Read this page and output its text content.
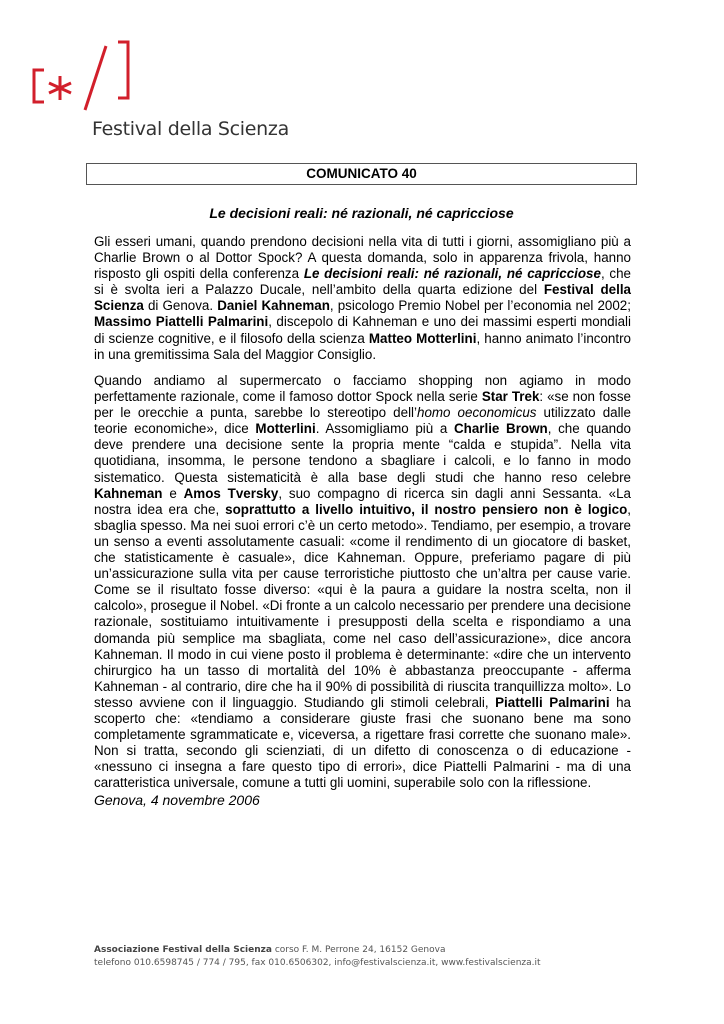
Festival della Scienza
COMUNICATO 40
Le decisioni reali: né razionali, né capricciose
Gli esseri umani, quando prendono decisioni nella vita di tutti i giorni, assomigliano più a Charlie Brown o al Dottor Spock? A questa domanda, solo in apparenza frivola, hanno risposto gli ospiti della conferenza Le decisioni reali: né razionali, né capricciose, che si è svolta ieri a Palazzo Ducale, nell’ambito della quarta edizione del Festival della Scienza di Genova. Daniel Kahneman, psicologo Premio Nobel per l’economia nel 2002; Massimo Piattelli Palmarini, discepolo di Kahneman e uno dei massimi esperti mondiali di scienze cognitive, e il filosofo della scienza Matteo Motterlini, hanno animato l’incontro in una gremitissima Sala del Maggior Consiglio.
Quando andiamo al supermercato o facciamo shopping non agiamo in modo perfettamente razionale, come il famoso dottor Spock nella serie Star Trek: «se non fosse per le orecchie a punta, sarebbe lo stereotipo dell’homo oeconomicus utilizzato dalle teorie economiche», dice Motterlini. Assomigliamo più a Charlie Brown, che quando deve prendere una decisione sente la propria mente “calda e stupida”. Nella vita quotidiana, insomma, le persone tendono a sbagliare i calcoli, e lo fanno in modo sistematico. Questa sistematicità è alla base degli studi che hanno reso celebre Kahneman e Amos Tversky, suo compagno di ricerca sin dagli anni Sessanta. «La nostra idea era che, soprattutto a livello intuitivo, il nostro pensiero non è logico, sbaglia spesso. Ma nei suoi errori c’è un certo metodo». Tendiamo, per esempio, a trovare un senso a eventi assolutamente casuali: «come il rendimento di un giocatore di basket, che statisticamente è casuale», dice Kahneman. Oppure, preferiamo pagare di più un’assicurazione sulla vita per cause terroristiche piuttosto che un’altra per cause varie. Come se il risultato fosse diverso: «qui è la paura a guidare la nostra scelta, non il calcolo», prosegue il Nobel. «Di fronte a un calcolo necessario per prendere una decisione razionale, sostituiamo intuitivamente i presupposti della scelta e rispondiamo a una domanda più semplice ma sbagliata, come nel caso dell’assicurazione», dice ancora Kahneman. Il modo in cui viene posto il problema è determinante: «dire che un intervento chirurgico ha un tasso di mortalità del 10% è abbastanza preoccupante - afferma Kahneman - al contrario, dire che ha il 90% di possibilità di riuscita tranquillizza molto». Lo stesso avviene con il linguaggio. Studiando gli stimoli celebrali, Piattelli Palmarini ha scoperto che: «tendiamo a considerare giuste frasi che suonano bene ma sono completamente sgrammaticate e, viceversa, a rigettare frasi corrette che suonano male». Non si tratta, secondo gli scienziati, di un difetto di conoscenza o di educazione - «nessuno ci insegna a fare questo tipo di errori», dice Piattelli Palmarini - ma di una caratteristica universale, comune a tutti gli uomini, superabile solo con la riflessione.
Genova, 4 novembre 2006
Associazione Festival della Scienza corso F. M. Perrone 24, 16152 Genova
telefono 010.6598745 / 774 / 795, fax 010.6506302, info@festivalscienza.it, www.festivalscienza.it
